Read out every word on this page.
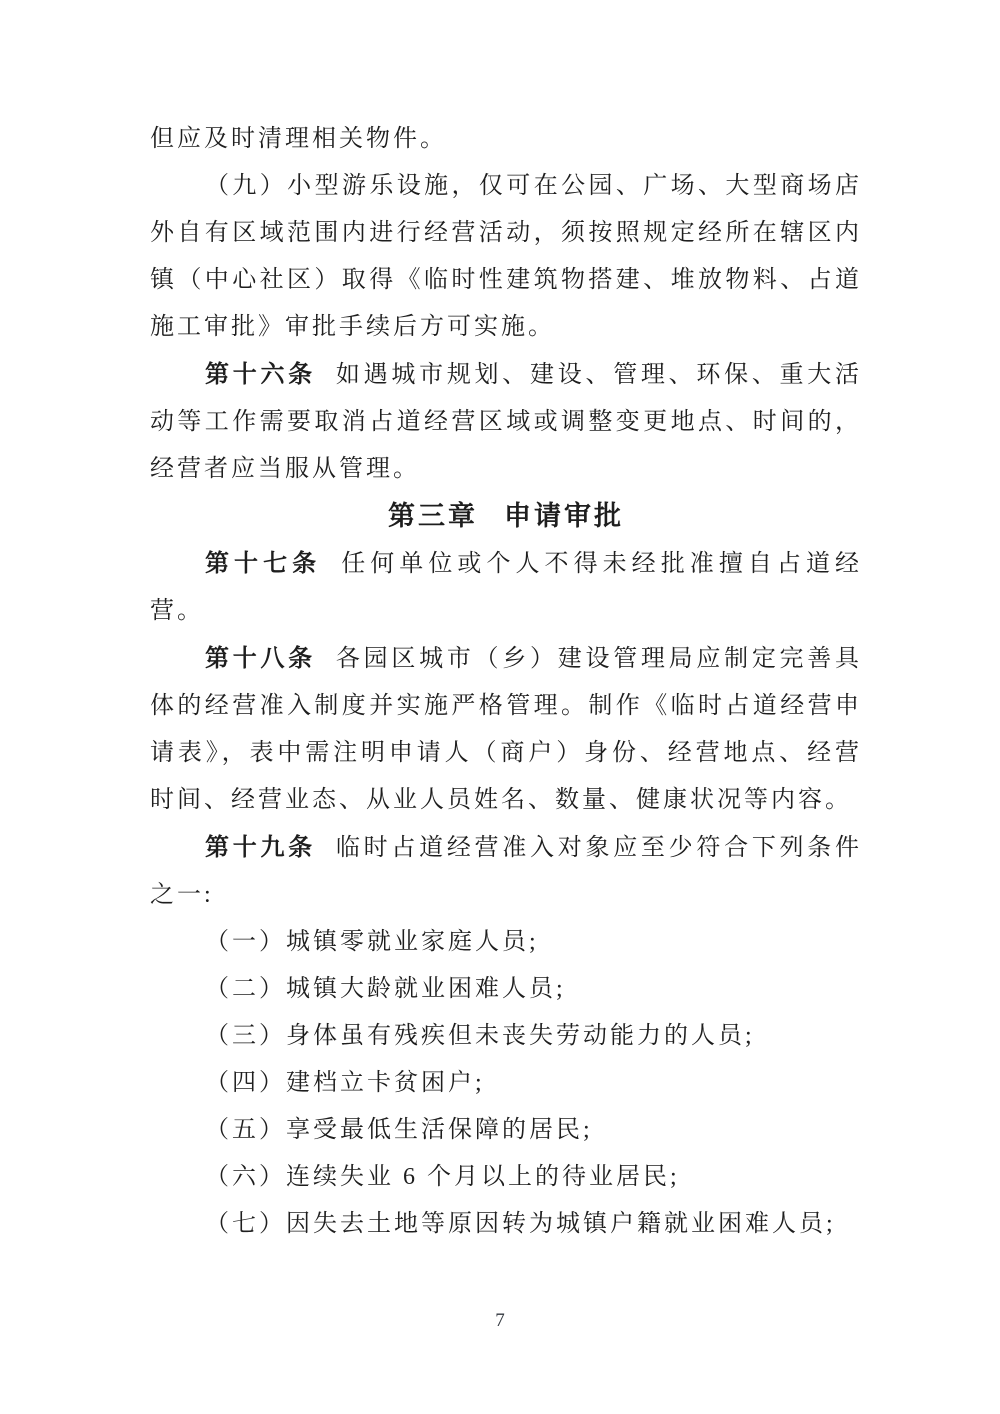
但应及时清理相关物件。

（九）小型游乐设施，仅可在公园、广场、大型商场店外自有区域范围内进行经营活动，须按照规定经所在辖区内镇（中心社区）取得《临时性建筑物搭建、堆放物料、占道施工审批》审批手续后方可实施。

第十六条 如遇城市规划、建设、管理、环保、重大活动等工作需要取消占道经营区域或调整变更地点、时间的，经营者应当服从管理。

第三章 申请审批

第十七条 任何单位或个人不得未经批准擅自占道经营。

第十八条 各园区城市（乡）建设管理局应制定完善具体的经营准入制度并实施严格管理。制作《临时占道经营申请表》，表中需注明申请人（商户）身份、经营地点、经营时间、经营业态、从业人员姓名、数量、健康状况等内容。

第十九条 临时占道经营准入对象应至少符合下列条件之一:

（一）城镇零就业家庭人员;

（二）城镇大龄就业困难人员;

（三）身体虽有残疾但未丧失劳动能力的人员;

（四）建档立卡贫困户;

（五）享受最低生活保障的居民;

（六）连续失业 6 个月以上的待业居民;

（七）因失去土地等原因转为城镇户籍就业困难人员;

7
